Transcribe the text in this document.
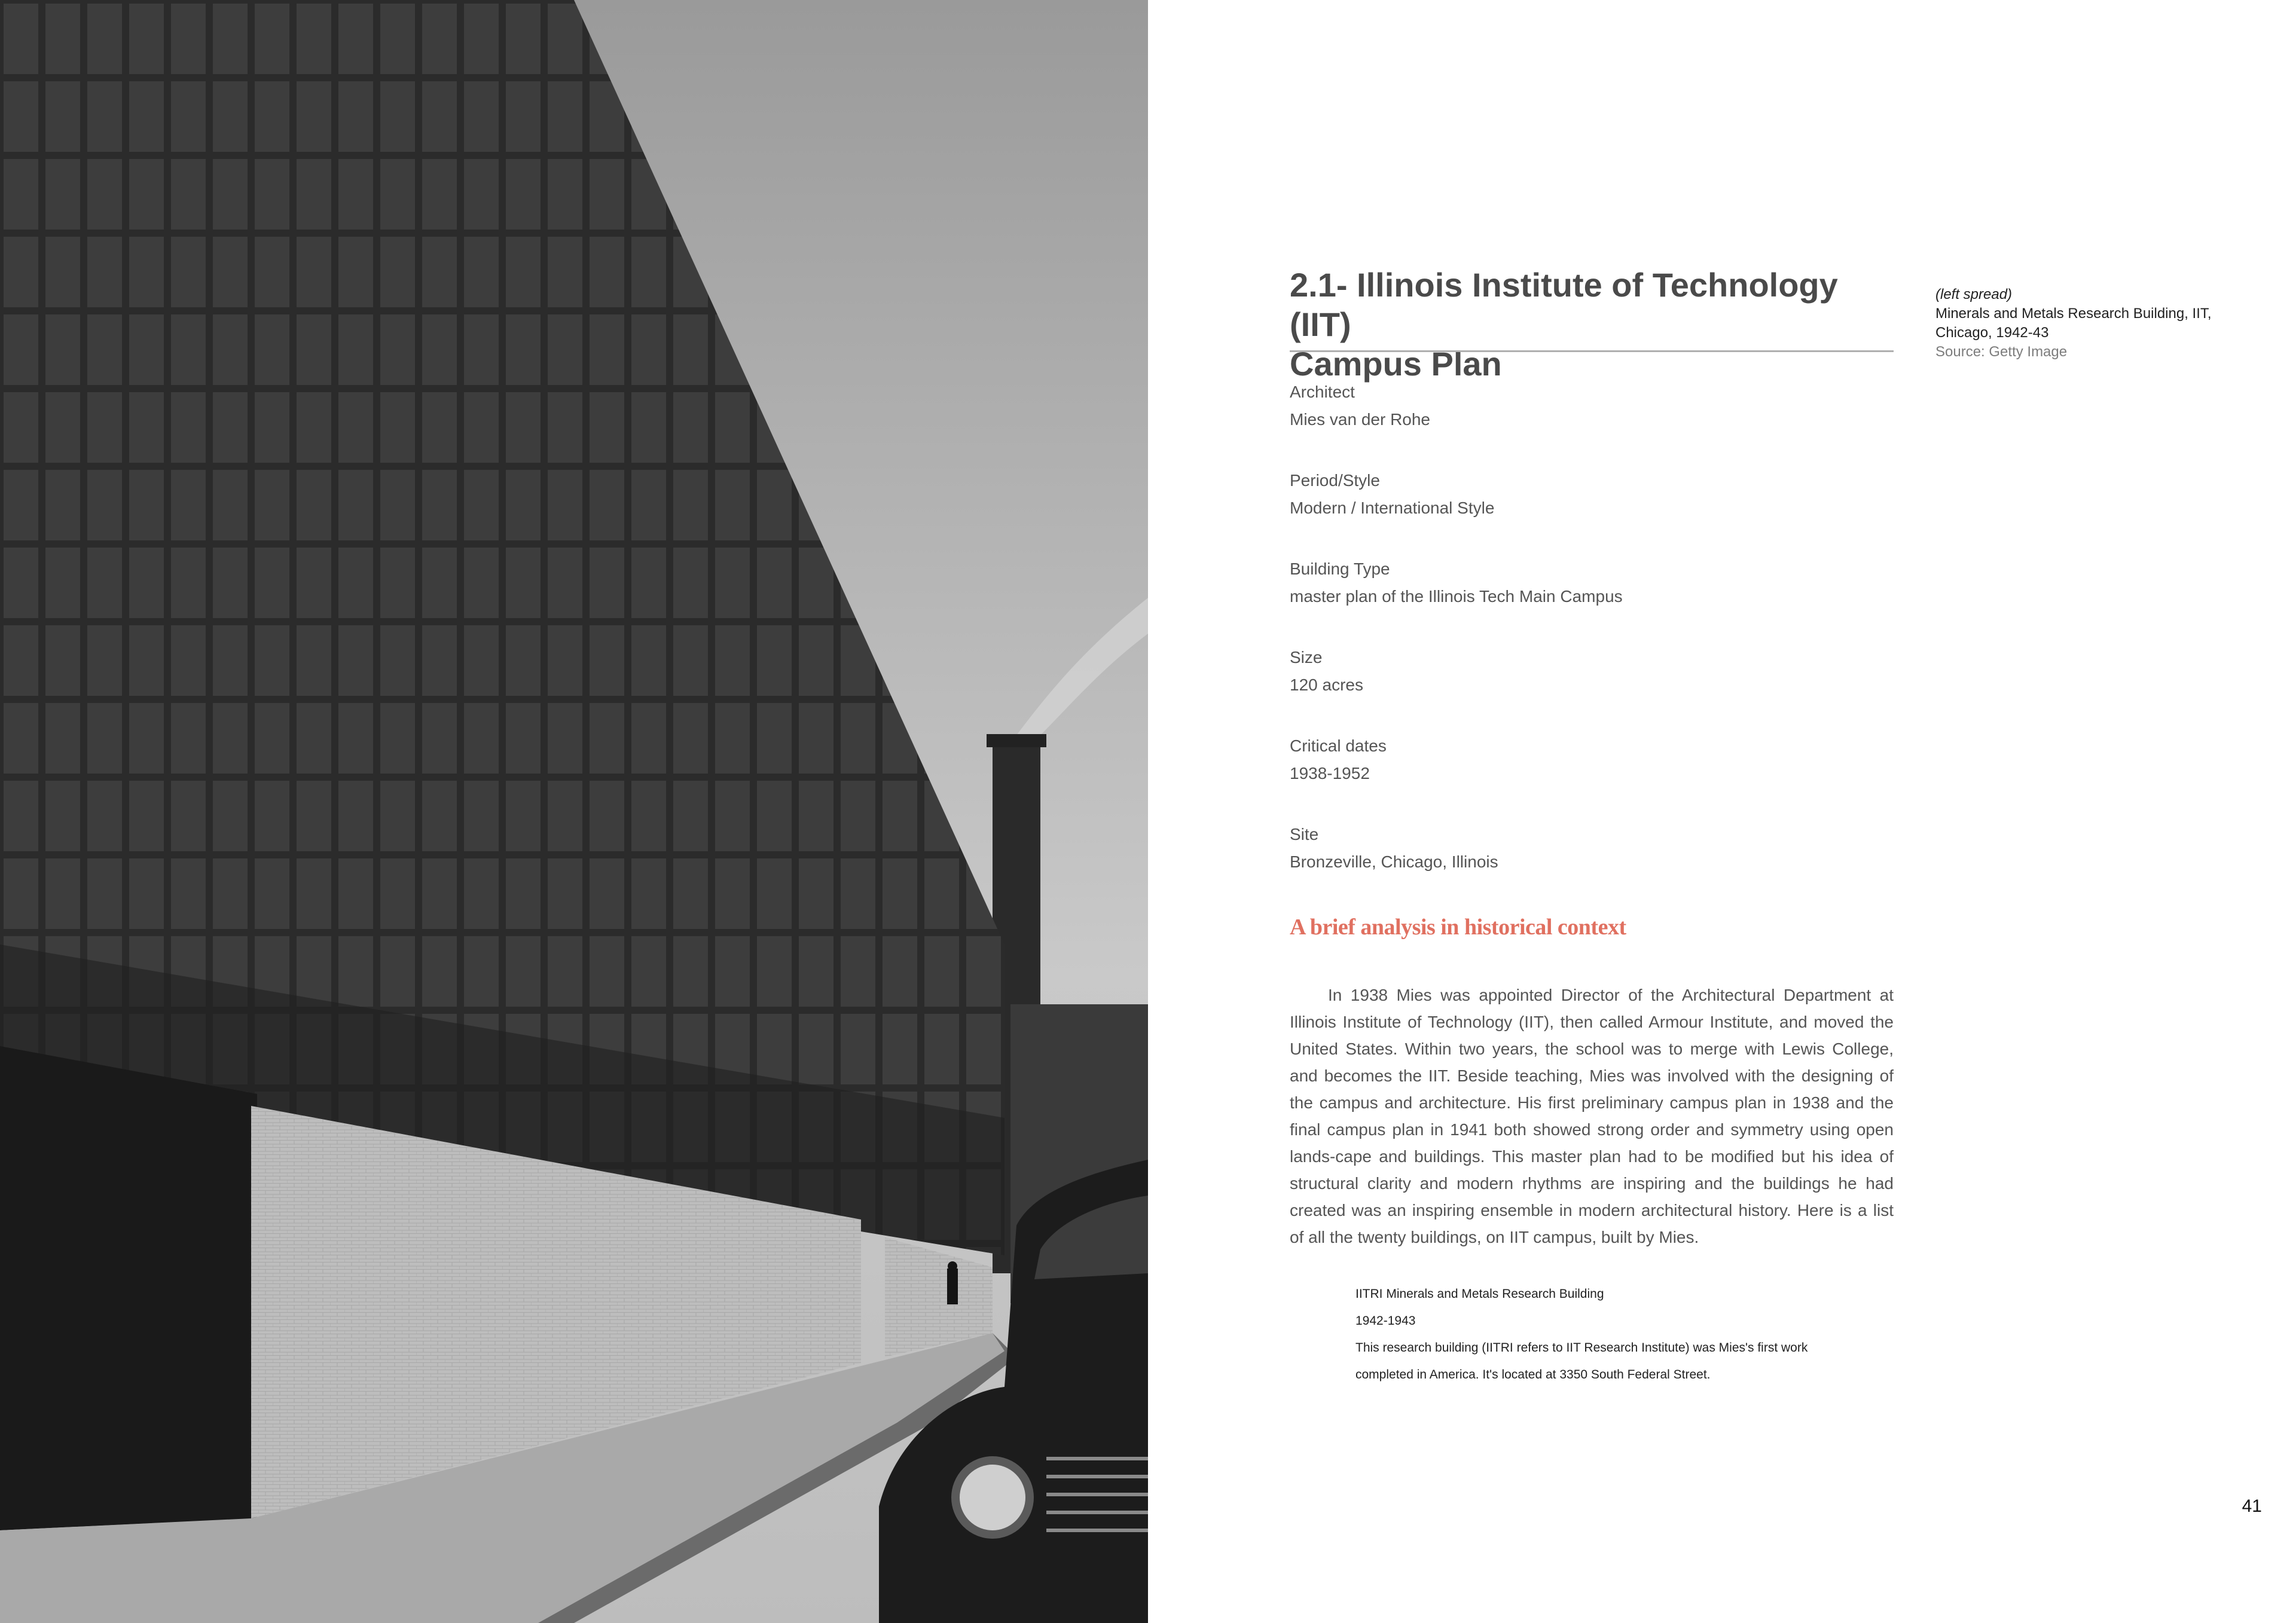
2.1- Illinois Institute of Technology (IIT)
Campus Plan
(left spread)
Minerals and Metals Research Building, IIT,
Chicago, 1942-43
Source: Getty Image
Architect
Mies van der Rohe
Period/Style
Modern / International Style
Building Type
master plan of the Illinois Tech Main Campus
Size
120 acres
Critical dates
1938-1952
Site
Bronzeville, Chicago, Illinois
A brief analysis in historical context

In 1938 Mies was appointed Director of the Architectural Department at Illinois Institute of Technology (IIT), then called Armour Institute, and moved the United States. Within two years, the school was to merge with Lewis College, and becomes the IIT. Beside teaching, Mies was involved with the designing of the campus and architecture. His first preliminary campus plan in 1938 and the final campus plan in 1941 both showed strong order and symmetry using open lands-cape and buildings. This master plan had to be modified but his idea of structural clarity and modern rhythms are inspiring and the buildings he had created was an inspiring ensemble in modern architectural history. Here is a list of all the twenty buildings, on IIT campus, built by Mies.

IITRI Minerals and Metals Research Building
1942-1943
This research building (IITRI refers to IIT Research Institute) was Mies's first work
completed in America. It's located at 3350 South Federal Street.
41
